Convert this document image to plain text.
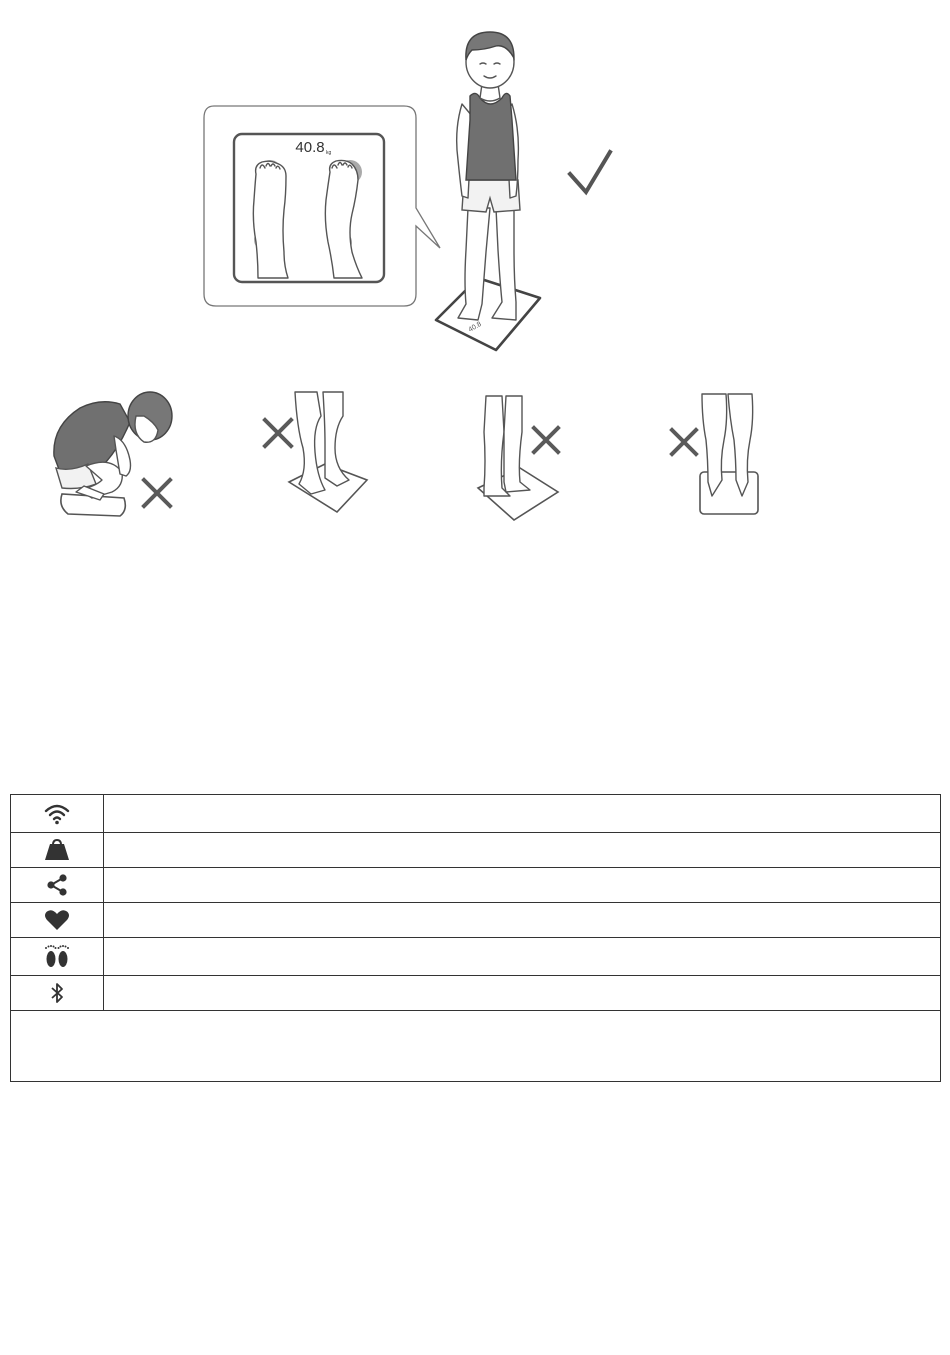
40.8 kg
40.8
